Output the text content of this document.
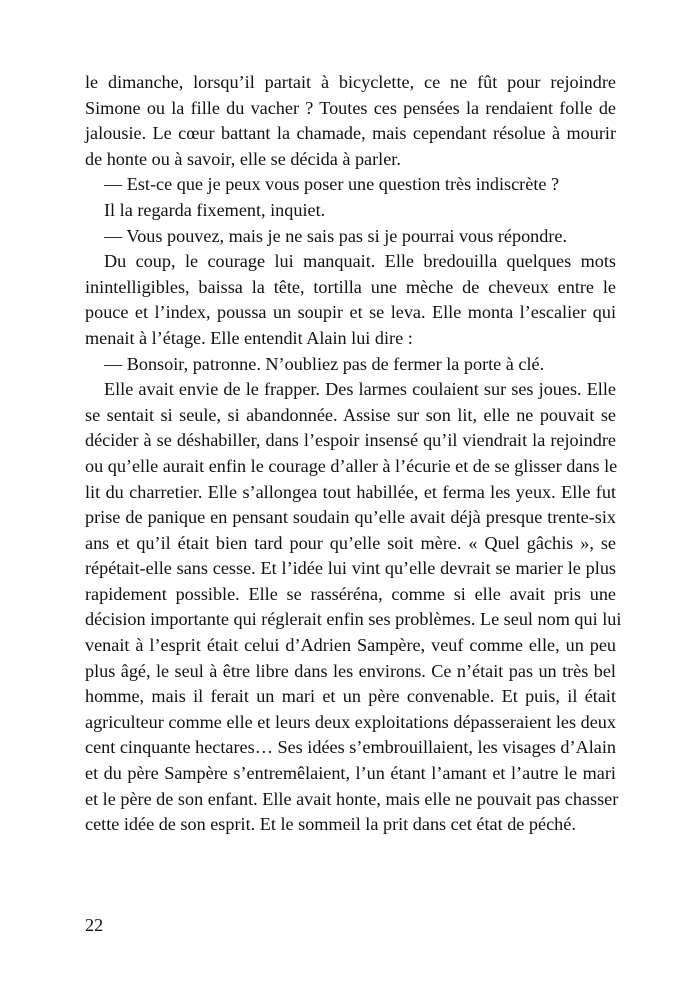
le dimanche, lorsqu’il partait à bicyclette, ce ne fût pour rejoindre
Simone ou la fille du vacher ? Toutes ces pensées la rendaient folle de
jalousie. Le cœur battant la chamade, mais cependant résolue à mourir
de honte ou à savoir, elle se décida à parler.
— Est-ce que je peux vous poser une question très indiscrète ?
Il la regarda fixement, inquiet.
— Vous pouvez, mais je ne sais pas si je pourrai vous répondre.
Du coup, le courage lui manquait. Elle bredouilla quelques mots
inintelligibles, baissa la tête, tortilla une mèche de cheveux entre le
pouce et l’index, poussa un soupir et se leva. Elle monta l’escalier qui
menait à l’étage. Elle entendit Alain lui dire :
— Bonsoir, patronne. N’oubliez pas de fermer la porte à clé.
Elle avait envie de le frapper. Des larmes coulaient sur ses joues. Elle
se sentait si seule, si abandonnée. Assise sur son lit, elle ne pouvait se
décider à se déshabiller, dans l’espoir insensé qu’il viendrait la rejoindre
ou qu’elle aurait enfin le courage d’aller à l’écurie et de se glisser dans le
lit du charretier. Elle s’allongea tout habillée, et ferma les yeux. Elle fut
prise de panique en pensant soudain qu’elle avait déjà presque trente-six
ans et qu’il était bien tard pour qu’elle soit mère. « Quel gâchis », se
répétait-elle sans cesse. Et l’idée lui vint qu’elle devrait se marier le plus
rapidement possible. Elle se rasséréna, comme si elle avait pris une
décision importante qui réglerait enfin ses problèmes. Le seul nom qui lui
venait à l’esprit était celui d’Adrien Sampère, veuf comme elle, un peu
plus âgé, le seul à être libre dans les environs. Ce n’était pas un très bel
homme, mais il ferait un mari et un père convenable. Et puis, il était
agriculteur comme elle et leurs deux exploitations dépasseraient les deux
cent cinquante hectares… Ses idées s’embrouillaient, les visages d’Alain
et du père Sampère s’entremêlaient, l’un étant l’amant et l’autre le mari
et le père de son enfant. Elle avait honte, mais elle ne pouvait pas chasser
cette idée de son esprit. Et le sommeil la prit dans cet état de péché.
22
